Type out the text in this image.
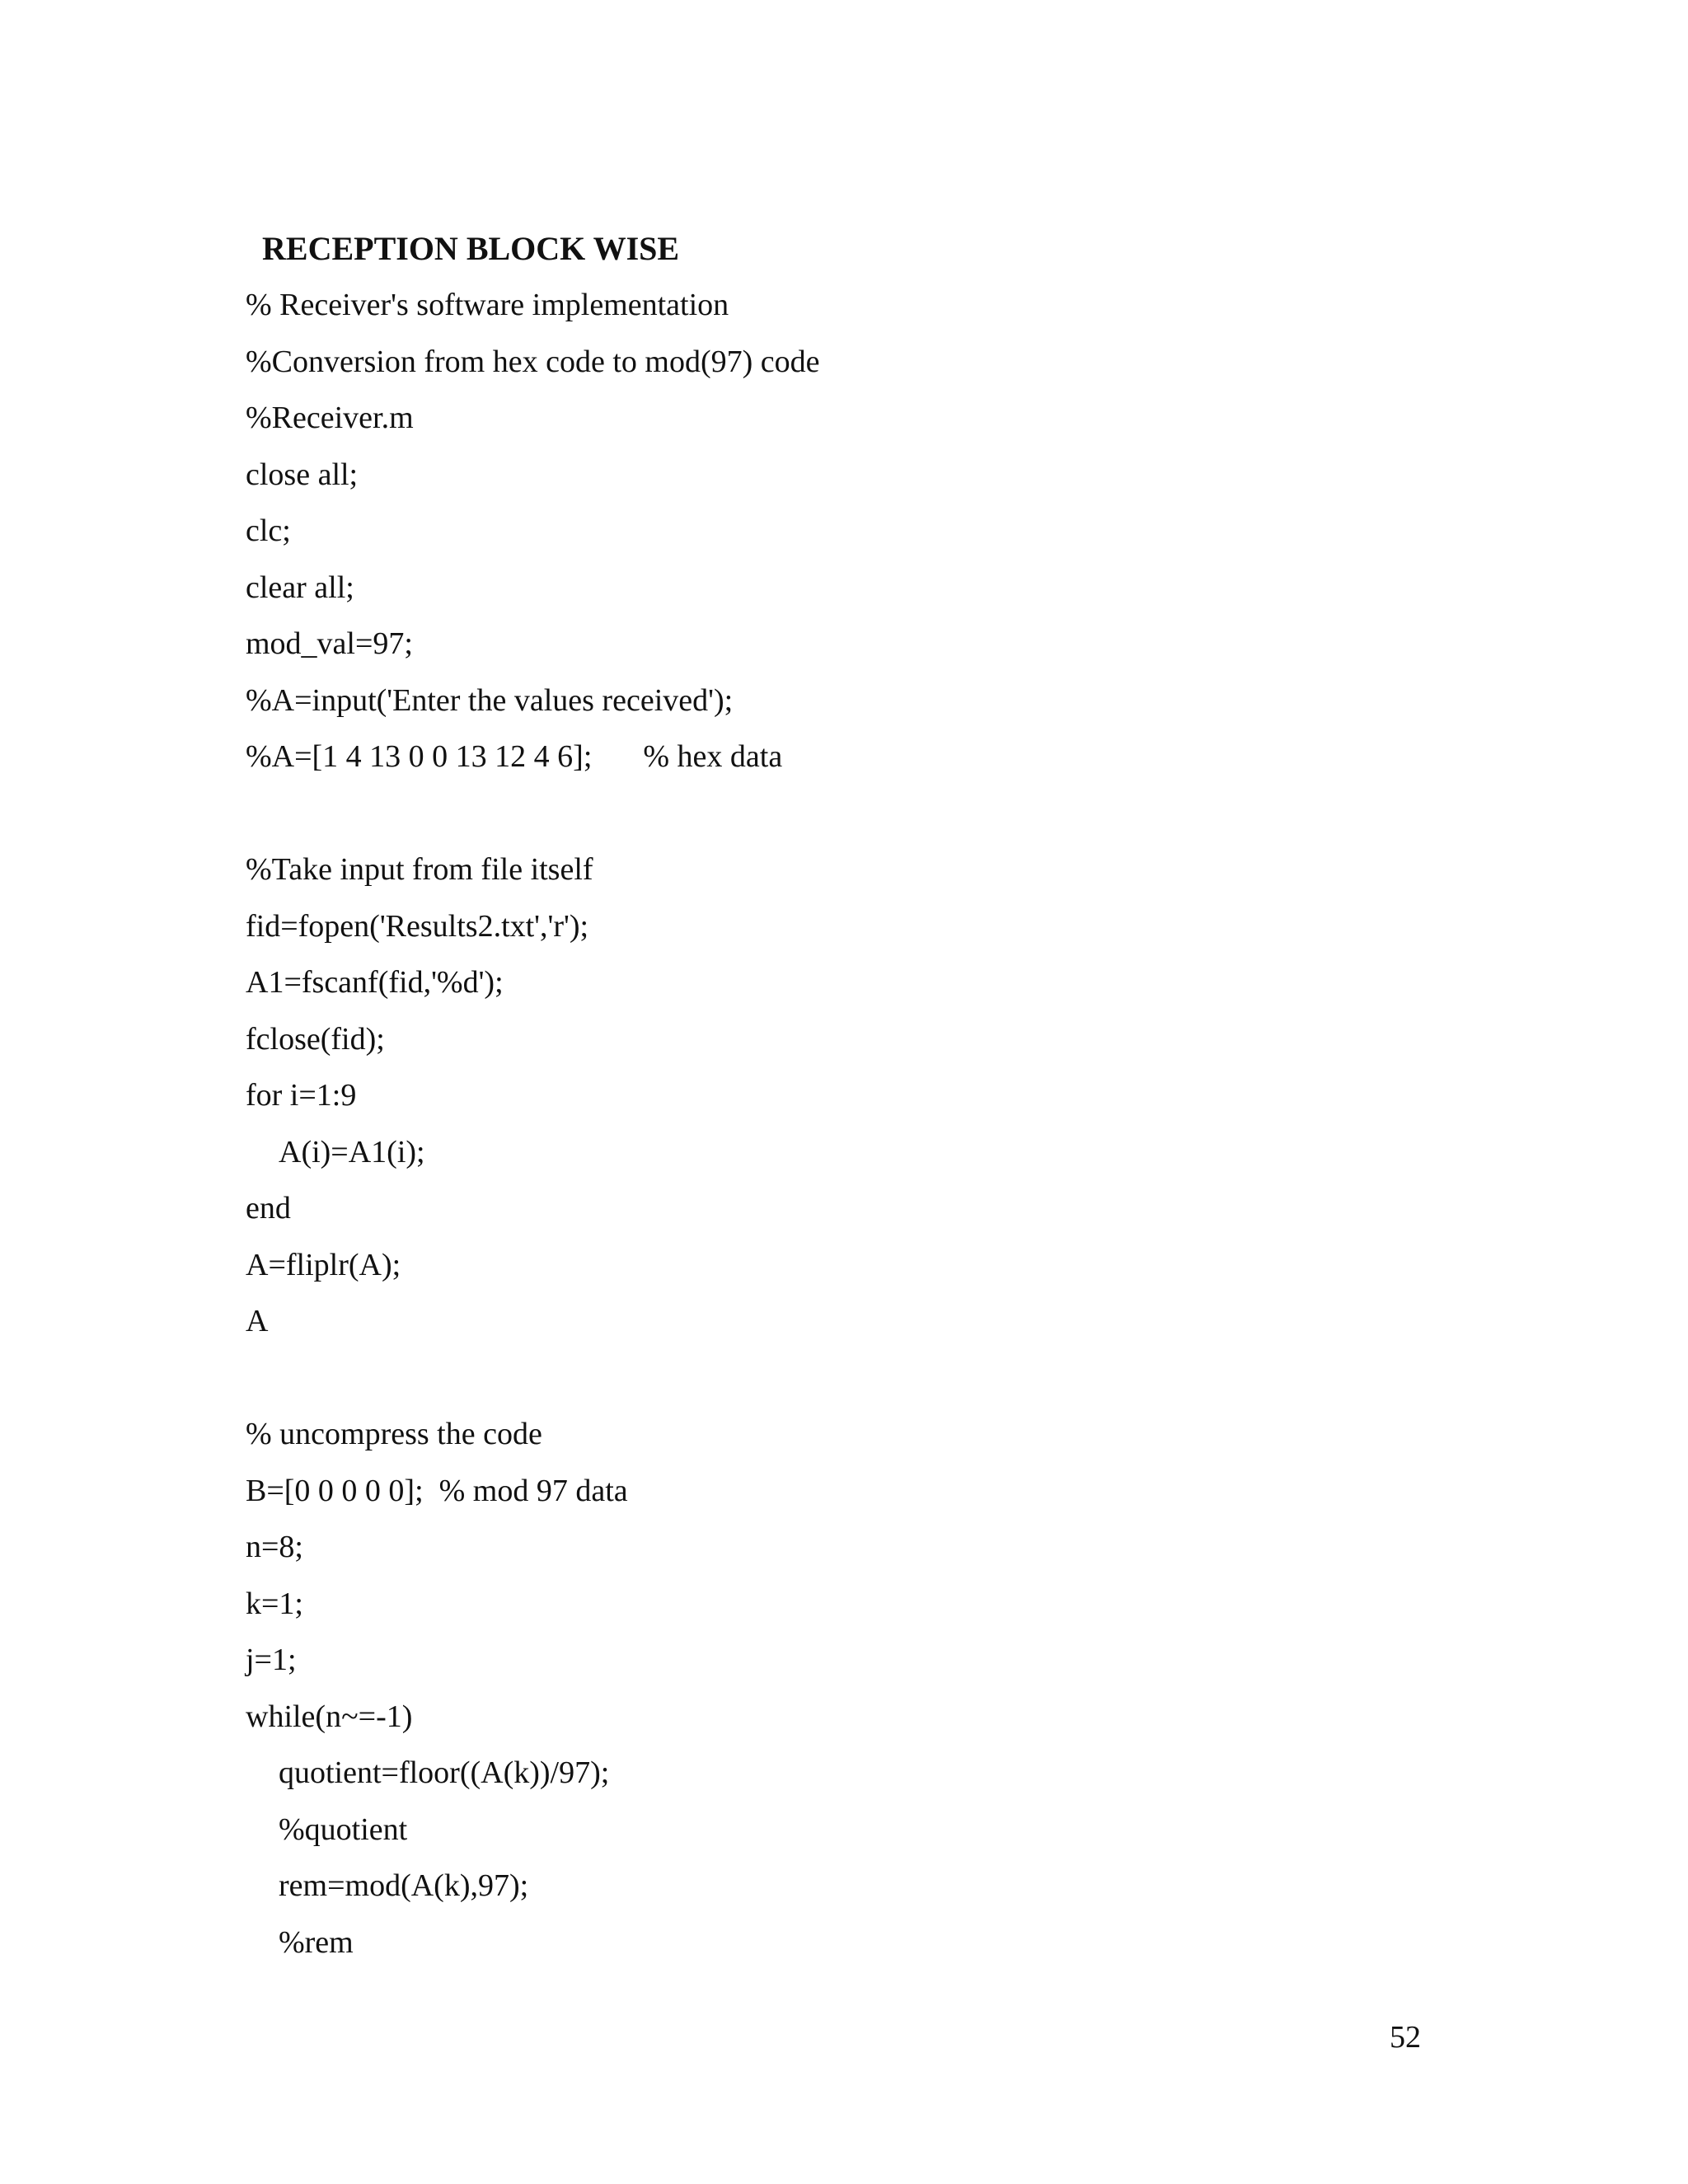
RECEPTION BLOCK WISE
% Receiver's software implementation
%Conversion from hex code to mod(97) code
%Receiver.m
close all;
clc;
clear all;
mod_val=97;
%A=input('Enter the values received');
%A=[1 4 13 0 0 13 12 4 6]; % hex data
%Take input from file itself
fid=fopen('Results2.txt','r');
A1=fscanf(fid,'%d');
fclose(fid);
for i=1:9
A(i)=A1(i);
end
A=fliplr(A);
A
% uncompress the code
B=[0 0 0 0 0];  % mod 97 data
n=8;
k=1;
j=1;
while(n~=-1)
quotient=floor((A(k))/97);
%quotient
rem=mod(A(k),97);
%rem
52
